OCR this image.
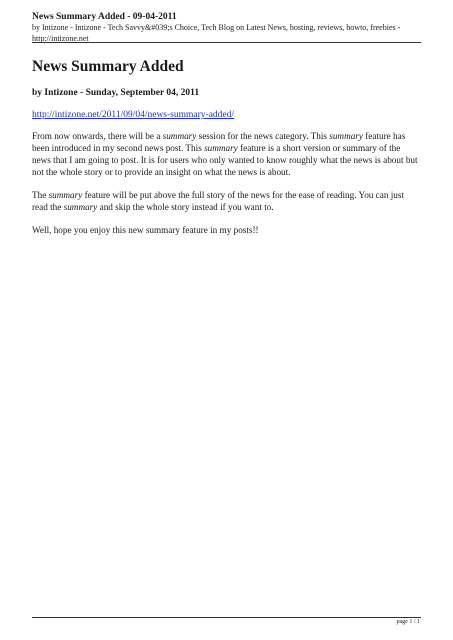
News Summary Added - 09-04-2011

by Intizone - Intizone - Tech Savvy&#039;s Choice, Tech Blog on Latest News, hosting, reviews, howto, freebies -
http://intizone.net

News Summary Added

by Intizone - Sunday, September 04, 2011

http://intizone.net/2011/09/04/news-summary-added/

From now onwards, there will be a summary session for the news category. This summary feature has been introduced in my second news post. This summary feature is a short version or summary of the news that I am going to post. It is for users who only wanted to know roughly what the news is about but not the whole story or to provide an insight on what the news is about.

The summary feature will be put above the full story of the news for the ease of reading. You can just read the summary and skip the whole story instead if you want to.

Well, hope you enjoy this new summary feature in my posts!!

page 1 / 1
